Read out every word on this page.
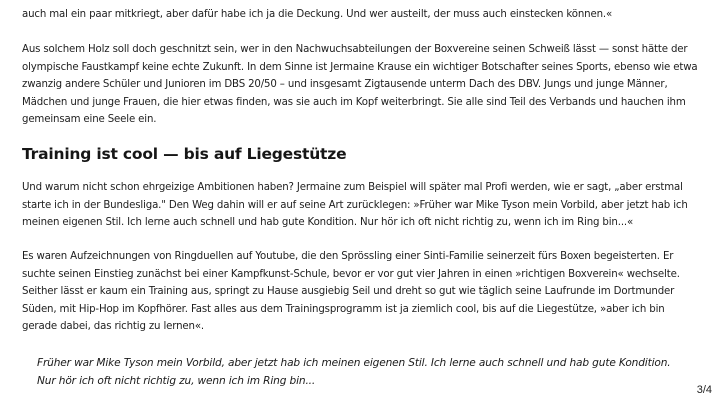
auch mal ein paar mitkriegt, aber dafür habe ich ja die Deckung. Und wer austeilt, der muss auch einstecken können.«

Aus solchem Holz soll doch geschnitzt sein, wer in den Nachwuchsabteilungen der Boxvereine seinen Schweiß lässt — sonst hätte der olympische Faustkampf keine echte Zukunft. In dem Sinne ist Jermaine Krause ein wichtiger Botschafter seines Sports, ebenso wie etwa zwanzig andere Schüler und Junioren im DBS 20/50 – und insgesamt Zigtausende unterm Dach des DBV. Jungs und junge Männer, Mädchen und junge Frauen, die hier etwas finden, was sie auch im Kopf weiterbringt. Sie alle sind Teil des Verbands und hauchen ihm gemeinsam eine Seele ein.

Training ist cool — bis auf Liegestütze

Und warum nicht schon ehrgeizige Ambitionen haben? Jermaine zum Beispiel will später mal Profi werden, wie er sagt, „aber erstmal starte ich in der Bundesliga." Den Weg dahin will er auf seine Art zurücklegen: »Früher war Mike Tyson mein Vorbild, aber jetzt hab ich meinen eigenen Stil. Ich lerne auch schnell und hab gute Kondition. Nur hör ich oft nicht richtig zu, wenn ich im Ring bin...«

Es waren Aufzeichnungen von Ringduellen auf Youtube, die den Sprössling einer Sinti-Familie seinerzeit fürs Boxen begeisterten. Er suchte seinen Einstieg zunächst bei einer Kampfkunst-Schule, bevor er vor gut vier Jahren in einen »richtigen Boxverein« wechselte. Seither lässt er kaum ein Training aus, springt zu Hause ausgiebig Seil und dreht so gut wie täglich seine Laufrunde im Dortmunder Süden, mit Hip-Hop im Kopfhörer. Fast alles aus dem Trainingsprogramm ist ja ziemlich cool, bis auf die Liegestütze, »aber ich bin gerade dabei, das richtig zu lernen«.

Früher war Mike Tyson mein Vorbild, aber jetzt hab ich meinen eigenen Stil. Ich lerne auch schnell und hab gute Kondition. Nur hör ich oft nicht richtig zu, wenn ich im Ring bin...

3/4
